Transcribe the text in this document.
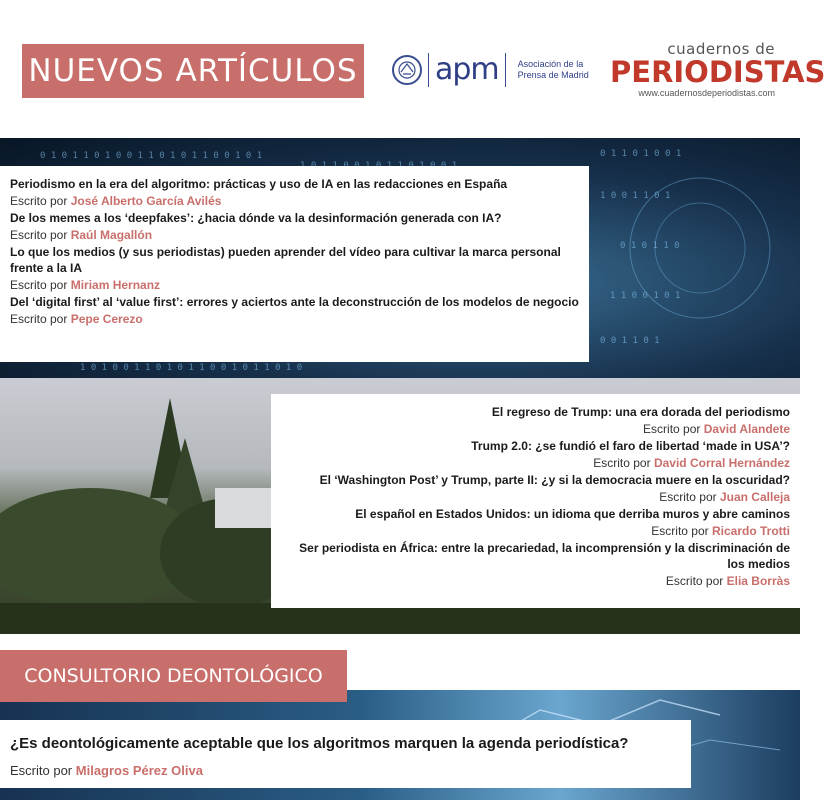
NUEVOS ARTÍCULOS	apm Asociación de la
Prensa de Madrid
cuadernos de
PERIODISTAS
www.cuadernosdeperiodistas.com
0 1 0 1 1 0 1 0 0 1 1 0 1 0 1 1 0 0 1 0 1	0 1 1 0 1 0 0 1
1 0 0 1 1 0 1
0 1 0 1 1 0
1 1 0 0 1 0 1
0 0 1 1 0 1
1 0 1 0 0 1 1 0 1 0 1 1 0 0 1 0 1 1 0 1 0
Periodismo en la era del algoritmo: prácticas y uso de IA en las redacciones en España
Escrito por José Alberto García Avilés
De los memes a los ‘deepfakes’: ¿hacia dónde va la desinformación generada con IA?
Escrito por Raúl Magallón
Lo que los medios (y sus periodistas) pueden aprender del vídeo para cultivar la marca personal frente a la IA
Escrito por Miriam Hernanz
Del ‘digital first’ al ‘value first’: errores y aciertos ante la deconstrucción de los modelos de negocio
Escrito por Pepe Cerezo
El regreso de Trump: una era dorada del periodismo
Escrito por David Alandete
Trump 2.0: ¿se fundió el faro de libertad ‘made in USA’?
Escrito por David Corral Hernández
El ‘Washington Post’ y Trump, parte II: ¿y si la democracia muere en la oscuridad?
Escrito por Juan Calleja
El español en Estados Unidos: un idioma que derriba muros y abre caminos
Escrito por Ricardo Trotti
Ser periodista en África: entre la precariedad, la incomprensión y la discriminación de los medios
Escrito por Elia Borràs
CONSULTORIO DEONTOLÓGICO
¿Es deontológicamente aceptable que los algoritmos marquen la agenda periodística?
Escrito por Milagros Pérez Oliva
